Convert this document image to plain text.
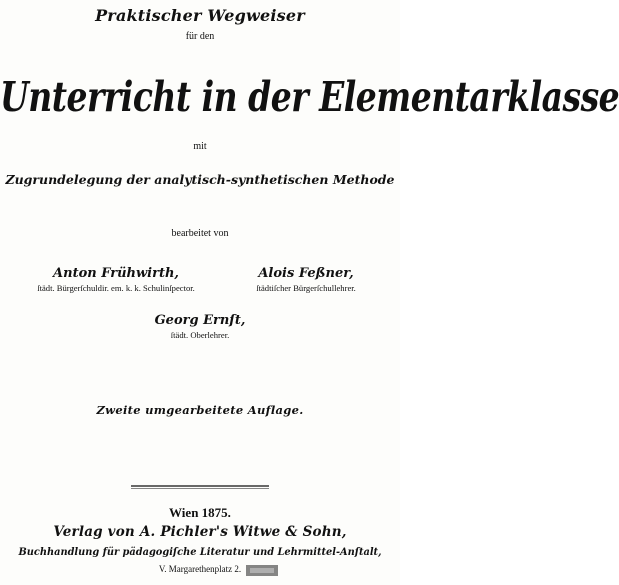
Praktischer Wegweiser
für den
Unterricht in der Elementarklasse
mit
Zugrundelegung der analytisch-synthetischen Methode
bearbeitet von
Anton Frühwirth,
ſtädt. Bürgerſchuldir. em. k. k. Schulinſpector.
Alois Feßner,
ſtädtiſcher Bürgerſchullehrer.
Georg Ernſt,
ſtädt. Oberlehrer.
Zweite umgearbeitete Auflage.
Wien 1875.
Verlag von A. Pichler's Witwe & Sohn,
Buchhandlung für pädagogiſche Literatur und Lehrmittel-Anſtalt,
V. Margarethenplatz 2.
